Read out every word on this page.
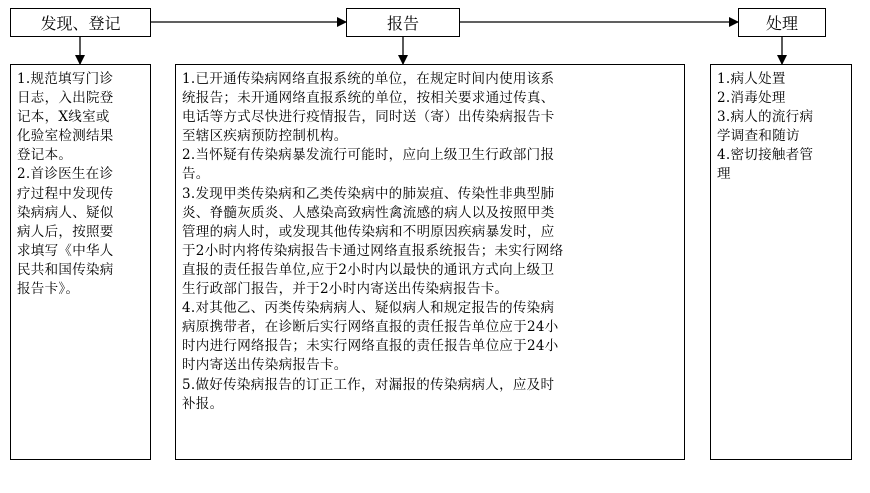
发现、登记	报告	处理

1.规范填写门诊
日志，入出院登
记本，X线室或
化验室检测结果
登记本。

2.首诊医生在诊
疗过程中发现传
染病病人、疑似
病人后，按照要
求填写《中华人
民共和国传染病
报告卡》。

1.已开通传染病网络直报系统的单位，在规定时间内使用该系
统报告；未开通网络直报系统的单位，按相关要求通过传真、
电话等方式尽快进行疫情报告，同时送（寄）出传染病报告卡
至辖区疾病预防控制机构。

2.当怀疑有传染病暴发流行可能时，应向上级卫生行政部门报
告。

3.发现甲类传染病和乙类传染病中的肺炭疽、传染性非典型肺
炎、脊髓灰质炎、人感染高致病性禽流感的病人以及按照甲类
管理的病人时，或发现其他传染病和不明原因疾病暴发时，应
于2小时内将传染病报告卡通过网络直报系统报告；未实行网络
直报的责任报告单位,应于2小时内以最快的通讯方式向上级卫
生行政部门报告，并于2小时内寄送出传染病报告卡。

4.对其他乙、丙类传染病病人、疑似病人和规定报告的传染病
病原携带者，在诊断后实行网络直报的责任报告单位应于24小
时内进行网络报告；未实行网络直报的责任报告单位应于24小
时内寄送出传染病报告卡。

5.做好传染病报告的订正工作，对漏报的传染病病人，应及时
补报。

1.病人处置

2.消毒处理

3.病人的流行病
学调查和随访

4.密切接触者管
理
